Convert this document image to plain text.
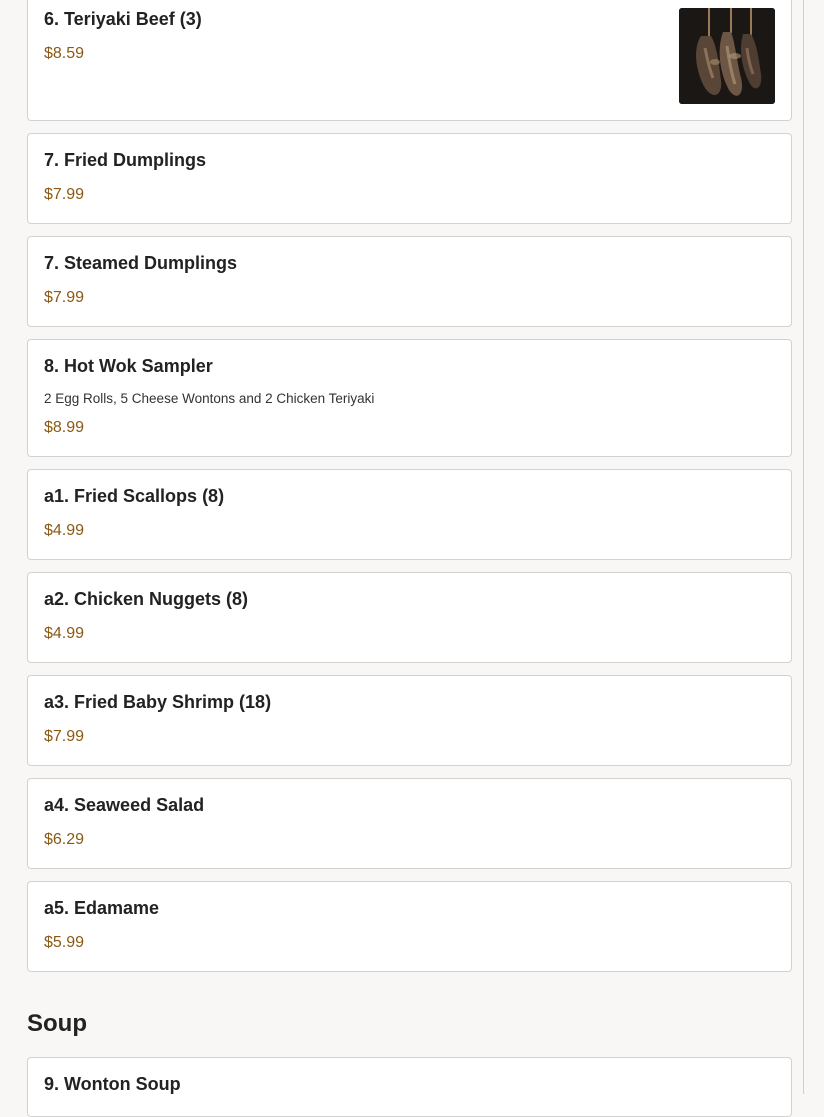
6. Teriyaki Beef (3)
$8.59
7. Fried Dumplings
$7.99
7. Steamed Dumplings
$7.99
8. Hot Wok Sampler
2 Egg Rolls, 5 Cheese Wontons and 2 Chicken Teriyaki
$8.99
a1. Fried Scallops (8)
$4.99
a2. Chicken Nuggets (8)
$4.99
a3. Fried Baby Shrimp (18)
$7.99
a4. Seaweed Salad
$6.29
a5. Edamame
$5.99
9. Wonton Soup
Soup
